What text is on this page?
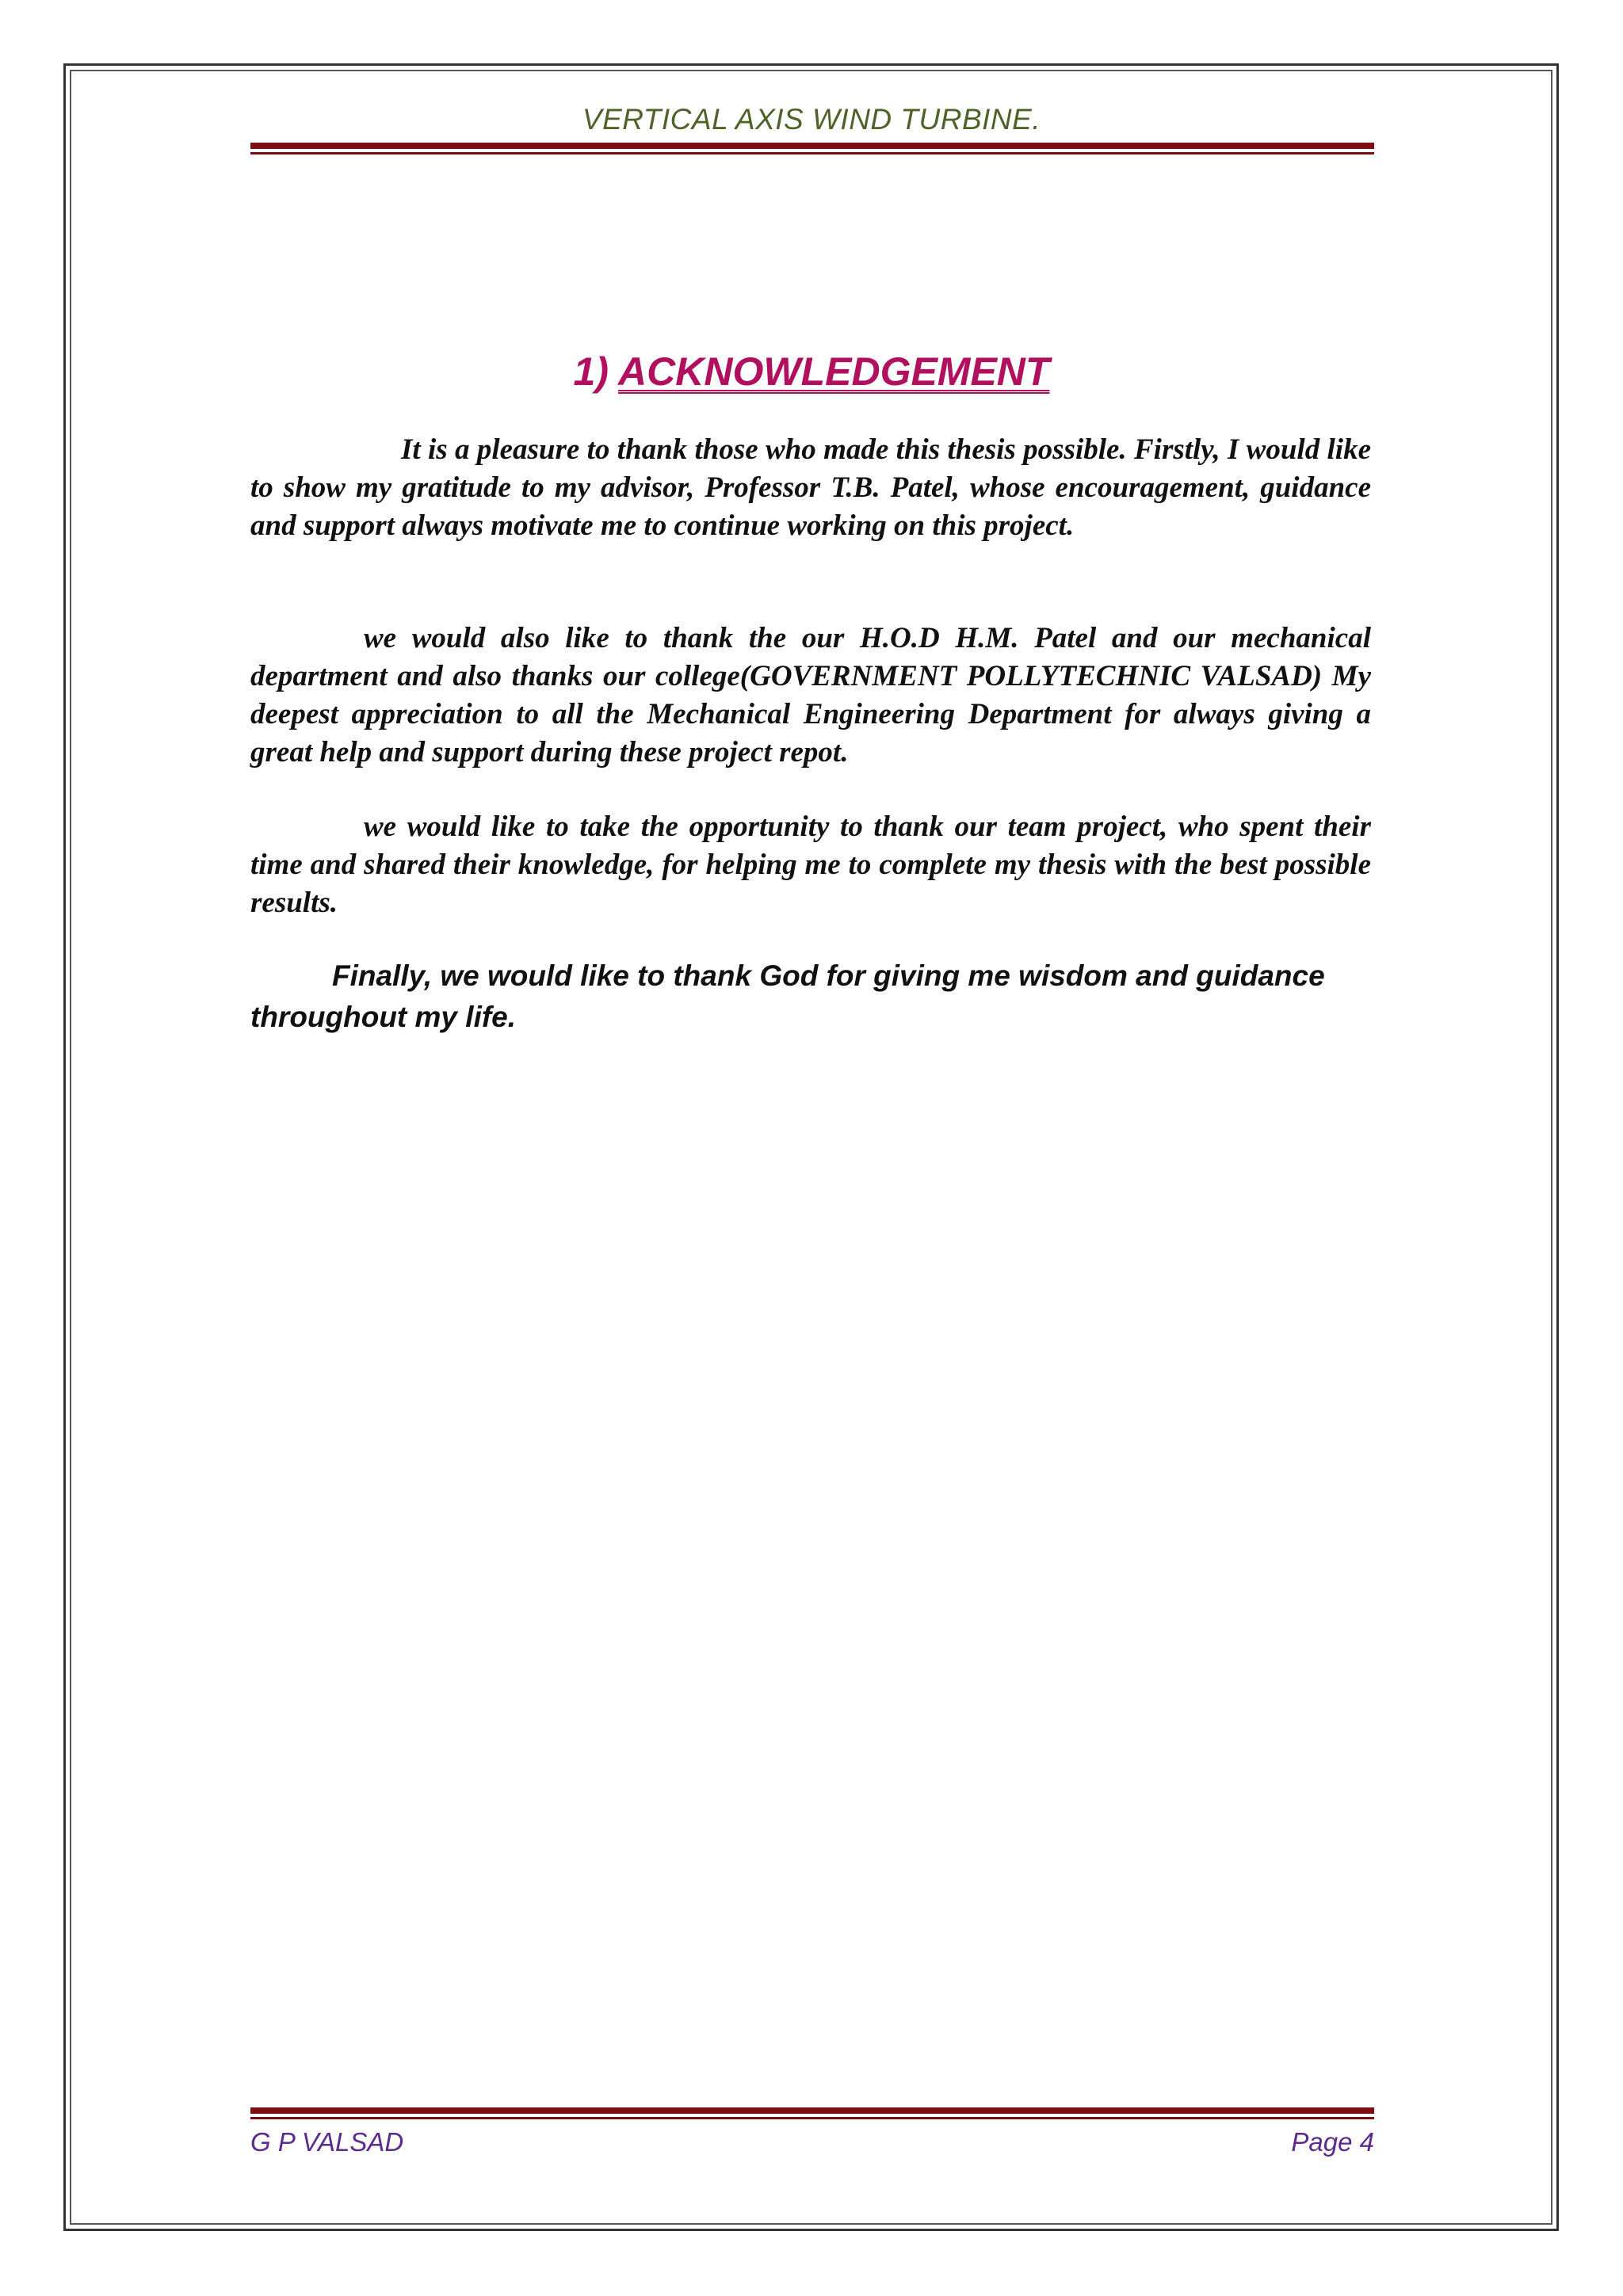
VERTICAL AXIS WIND TURBINE.
1) ACKNOWLEDGEMENT

It is a pleasure to thank those who made this thesis possible. Firstly, I would like to show my gratitude to my advisor, Professor T.B. Patel, whose encouragement, guidance and support always motivate me to continue working on this project.

we would also like to thank the our H.O.D H.M. Patel and our mechanical department and also thanks our college(GOVERNMENT POLLYTECHNIC VALSAD) My deepest appreciation to all the Mechanical Engineering Department for always giving a great help and support during these project repot.

we would like to take the opportunity to thank our team project, who spent their time and shared their knowledge, for helping me to complete my thesis with the best possible results.

Finally, we would like to thank God for giving me wisdom and guidance throughout my life.

G P VALSAD	Page 4
